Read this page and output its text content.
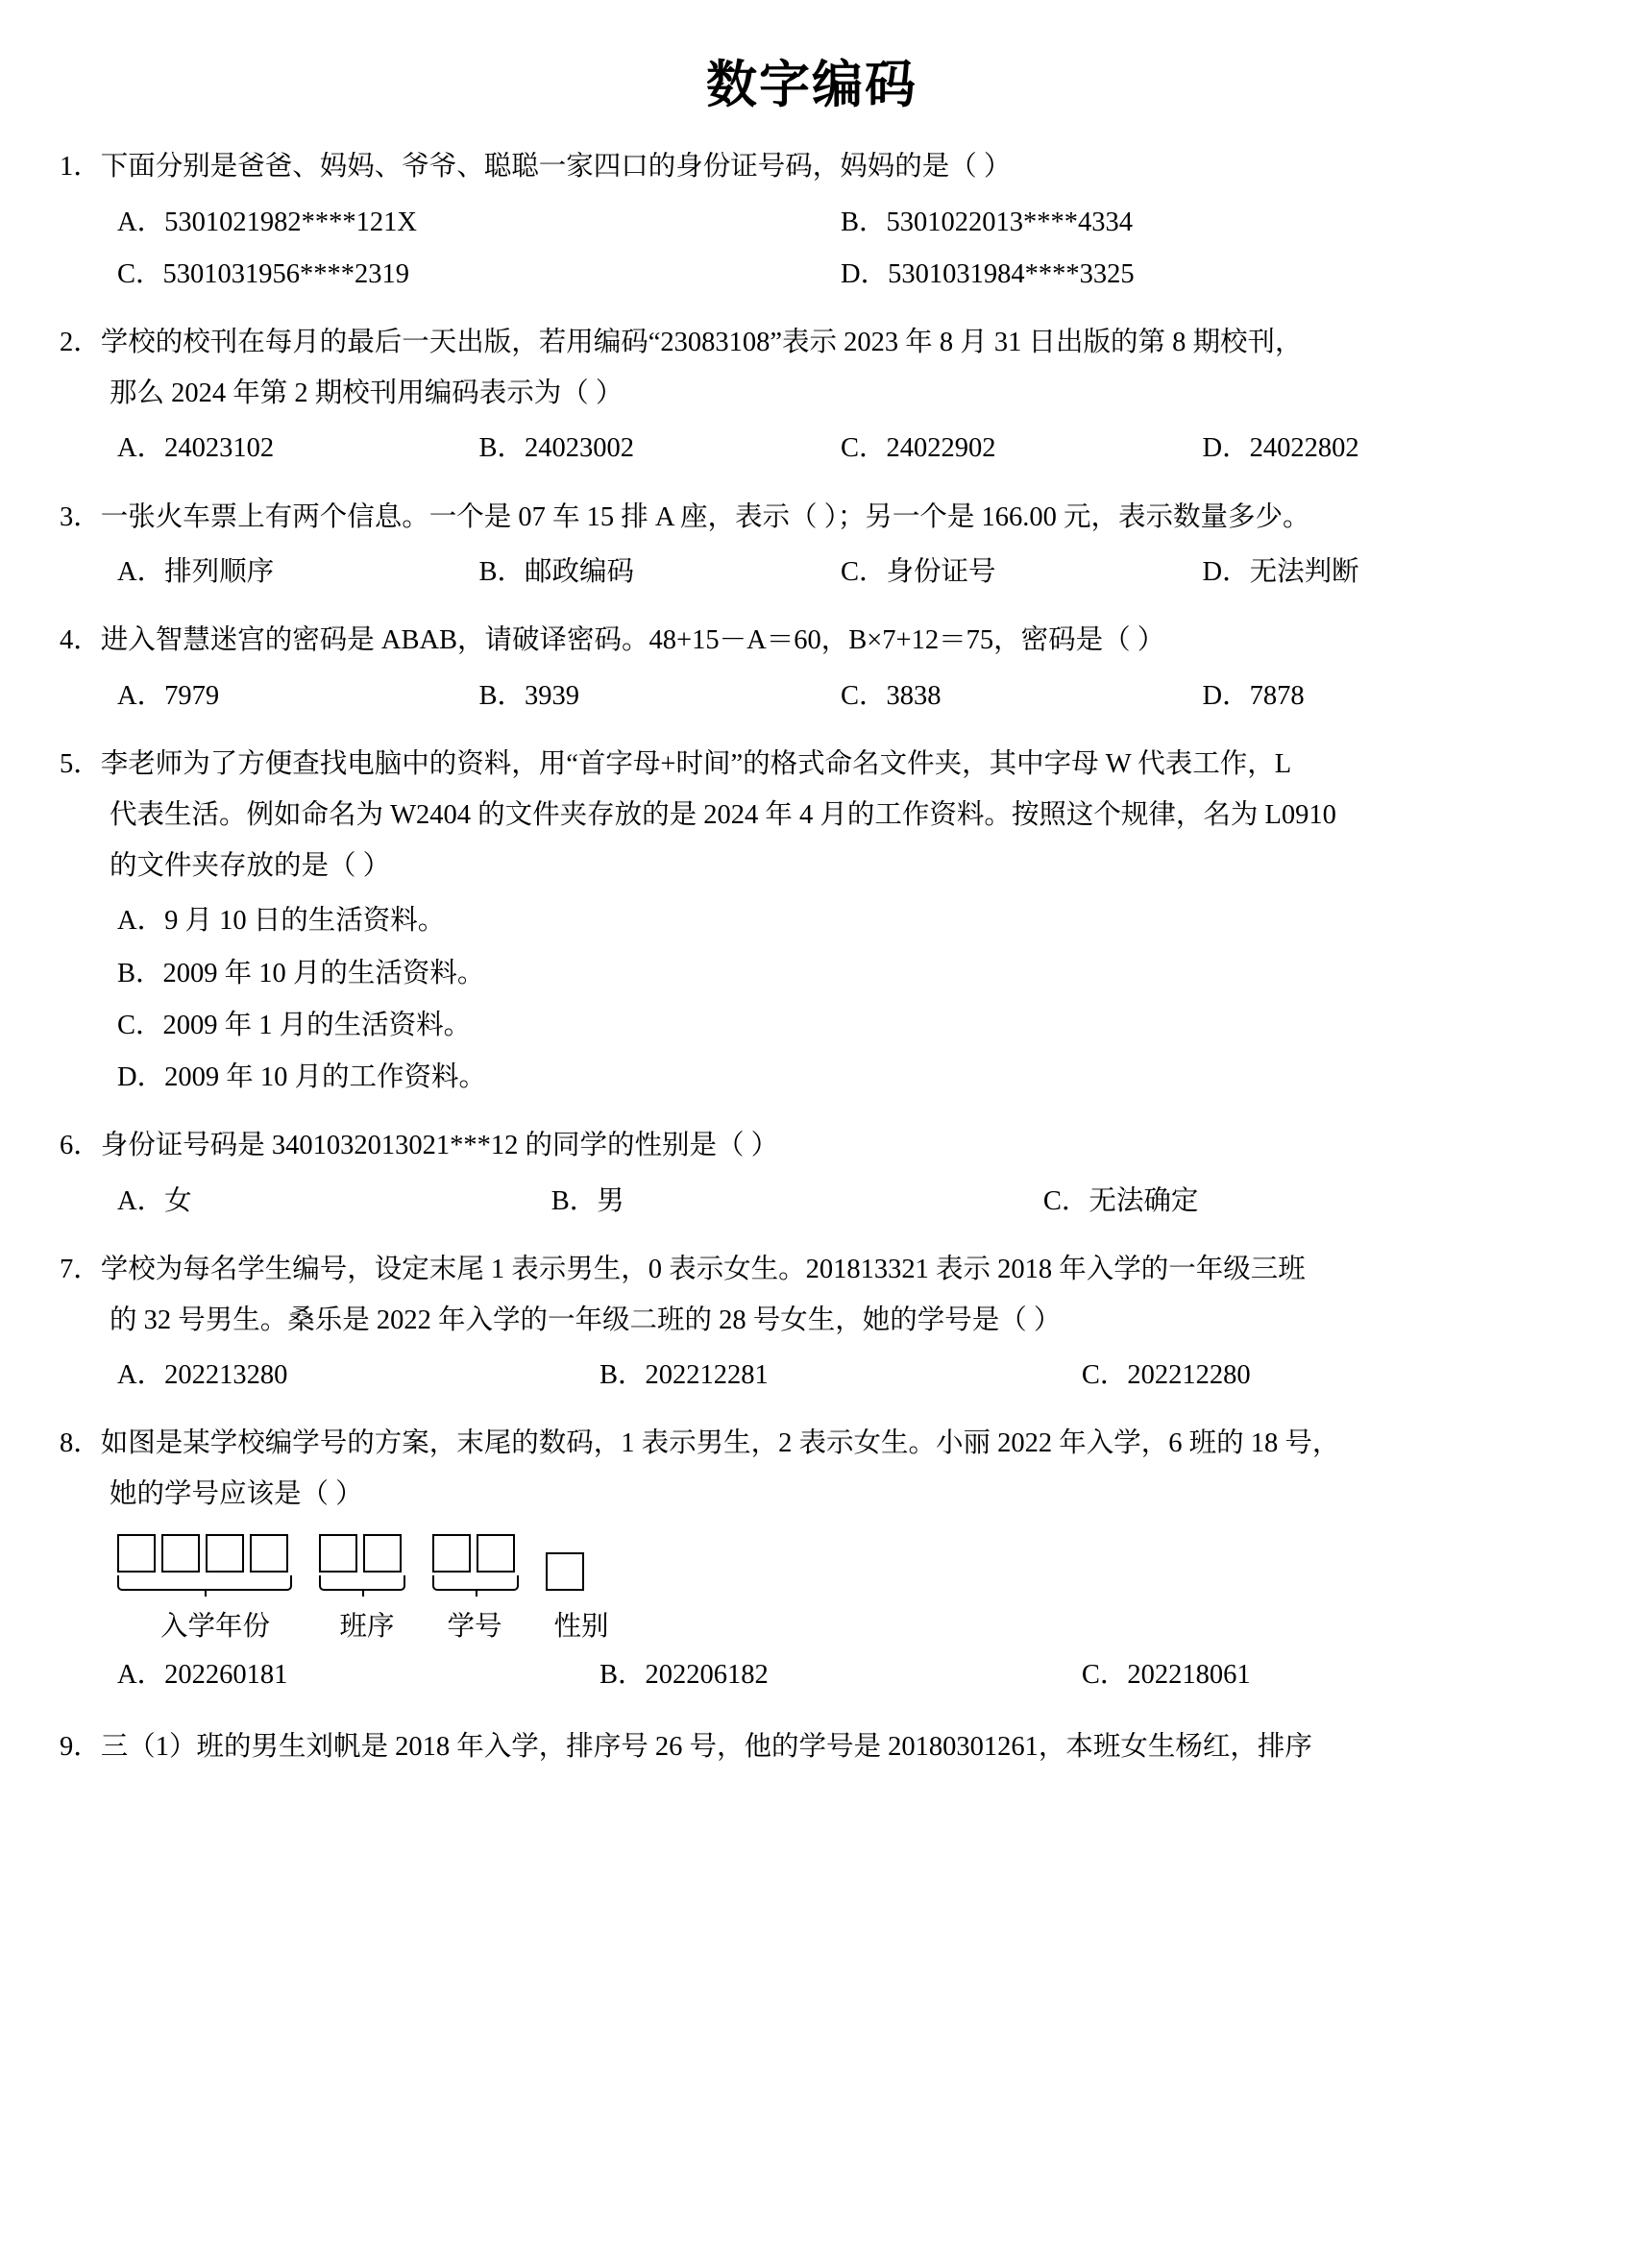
数字编码
1．下面分别是爸爸、妈妈、爷爷、聪聪一家四口的身份证号码，妈妈的是（ ）
A．5301021982****121X	B．5301022013****4334
C．5301031956****2319	D．5301031984****3325
2．学校的校刊在每月的最后一天出版，若用编码“23083108”表示 2023 年 8 月 31 日出版的第 8 期校刊，
那么 2024 年第 2 期校刊用编码表示为（ ）
A．24023102	B．24023002	C．24022902	D．24022802
3．一张火车票上有两个信息。一个是 07 车 15 排 A 座，表示（ ）；另一个是 166.00 元，表示数量多少。
A．排列顺序	B．邮政编码	C．身份证号	D．无法判断
4．进入智慧迷宫的密码是 ABAB，请破译密码。48+15－A＝60，B×7+12＝75，密码是（ ）
A．7979	B．3939	C．3838	D．7878
5．李老师为了方便查找电脑中的资料，用“首字母+时间”的格式命名文件夹，其中字母 W 代表工作，L
代表生活。例如命名为 W2404 的文件夹存放的是 2024 年 4 月的工作资料。按照这个规律，名为 L0910
的文件夹存放的是（ ）
A．9 月 10 日的生活资料。
B．2009 年 10 月的生活资料。
C．2009 年 1 月的生活资料。
D．2009 年 10 月的工作资料。
6．身份证号码是 3401032013021***12 的同学的性别是（ ）
A．女	B．男	C．无法确定
7．学校为每名学生编号，设定末尾 1 表示男生，0 表示女生。201813321 表示 2018 年入学的一年级三班
的 32 号男生。桑乐是 2022 年入学的一年级二班的 28 号女生，她的学号是（ ）
A．202213280	B．202212281	C．202212280
8．如图是某学校编学号的方案，末尾的数码，1 表示男生，2 表示女生。小丽 2022 年入学，6 班的 18 号，
她的学号应该是（ ）
入学年份	班序	学号	性别
A．202260181	B．202206182	C．202218061
9．三（1）班的男生刘帆是 2018 年入学，排序号 26 号，他的学号是 20180301261，本班女生杨红，排序
